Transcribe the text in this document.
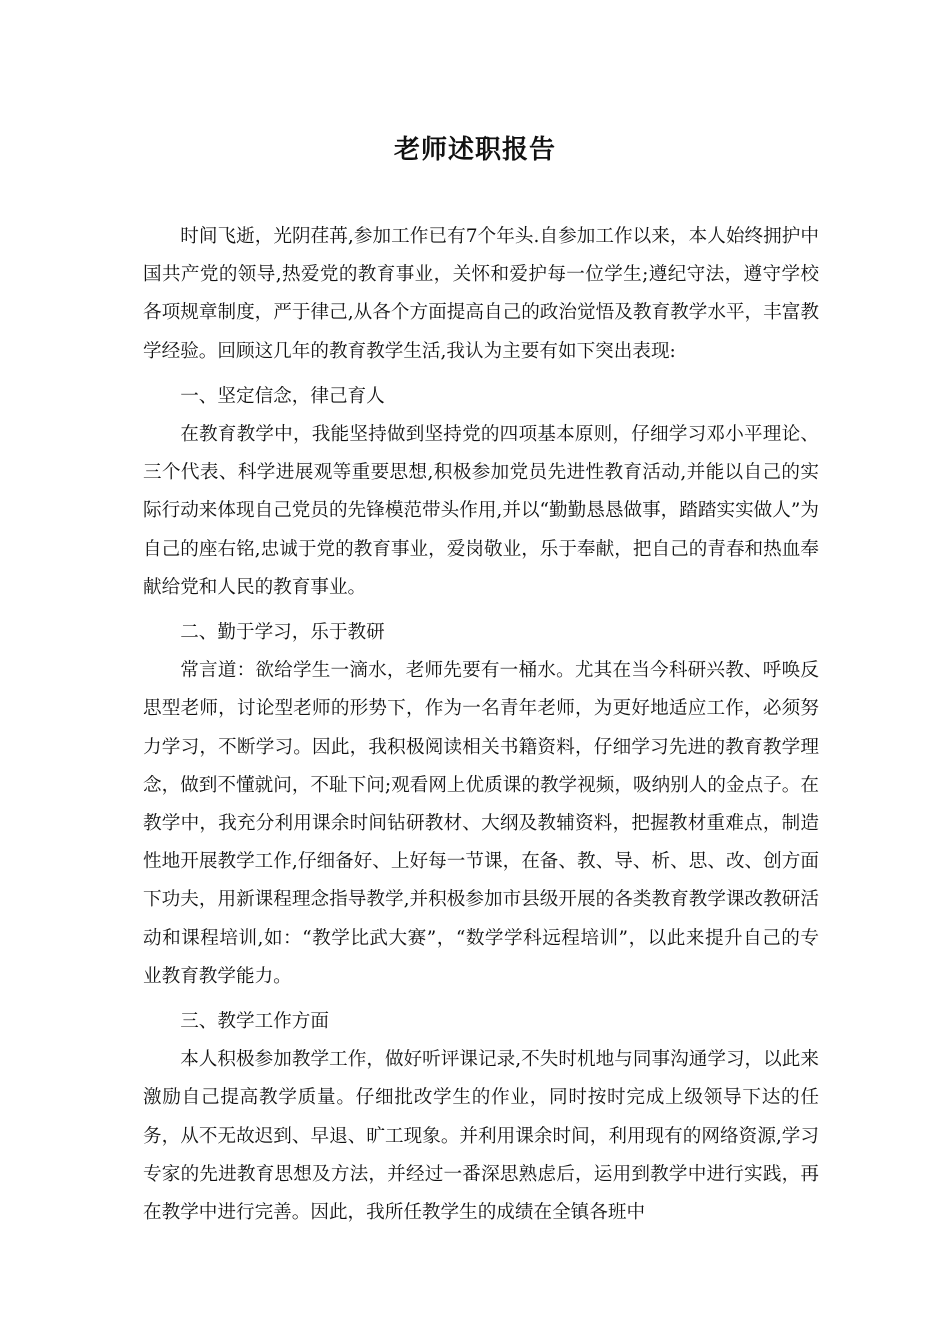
老师述职报告

时间飞逝，光阴荏苒,参加工作已有7个年头.自参加工作以来，本人始终拥护中国共产党的领导,热爱党的教育事业，关怀和爱护每一位学生;遵纪守法，遵守学校各项规章制度，严于律己,从各个方面提高自己的政治觉悟及教育教学水平，丰富教学经验。回顾这几年的教育教学生活,我认为主要有如下突出表现:

一、坚定信念，律己育人

在教育教学中，我能坚持做到坚持党的四项基本原则，仔细学习邓小平理论、三个代表、科学进展观等重要思想,积极参加党员先进性教育活动,并能以自己的实际行动来体现自己党员的先锋模范带头作用,并以“勤勤恳恳做事，踏踏实实做人”为自己的座右铭,忠诚于党的教育事业，爱岗敬业，乐于奉献，把自己的青春和热血奉献给党和人民的教育事业。

二、勤于学习，乐于教研

常言道：欲给学生一滴水，老师先要有一桶水。尤其在当今科研兴教、呼唤反思型老师，讨论型老师的形势下，作为一名青年老师，为更好地适应工作，必须努力学习，不断学习。因此，我积极阅读相关书籍资料，仔细学习先进的教育教学理念，做到不懂就问，不耻下问;观看网上优质课的教学视频，吸纳别人的金点子。在教学中，我充分利用课余时间钻研教材、大纲及教辅资料，把握教材重难点，制造性地开展教学工作,仔细备好、上好每一节课，在备、教、导、析、思、改、创方面下功夫，用新课程理念指导教学,并积极参加市县级开展的各类教育教学课改教研活动和课程培训,如：“教学比武大赛”，“数学学科远程培训”，以此来提升自己的专业教育教学能力。

三、教学工作方面

本人积极参加教学工作，做好听评课记录,不失时机地与同事沟通学习，以此来激励自己提高教学质量。仔细批改学生的作业，同时按时完成上级领导下达的任务，从不无故迟到、早退、旷工现象。并利用课余时间，利用现有的网络资源,学习专家的先进教育思想及方法，并经过一番深思熟虑后，运用到教学中进行实践，再在教学中进行完善。因此，我所任教学生的成绩在全镇各班中
